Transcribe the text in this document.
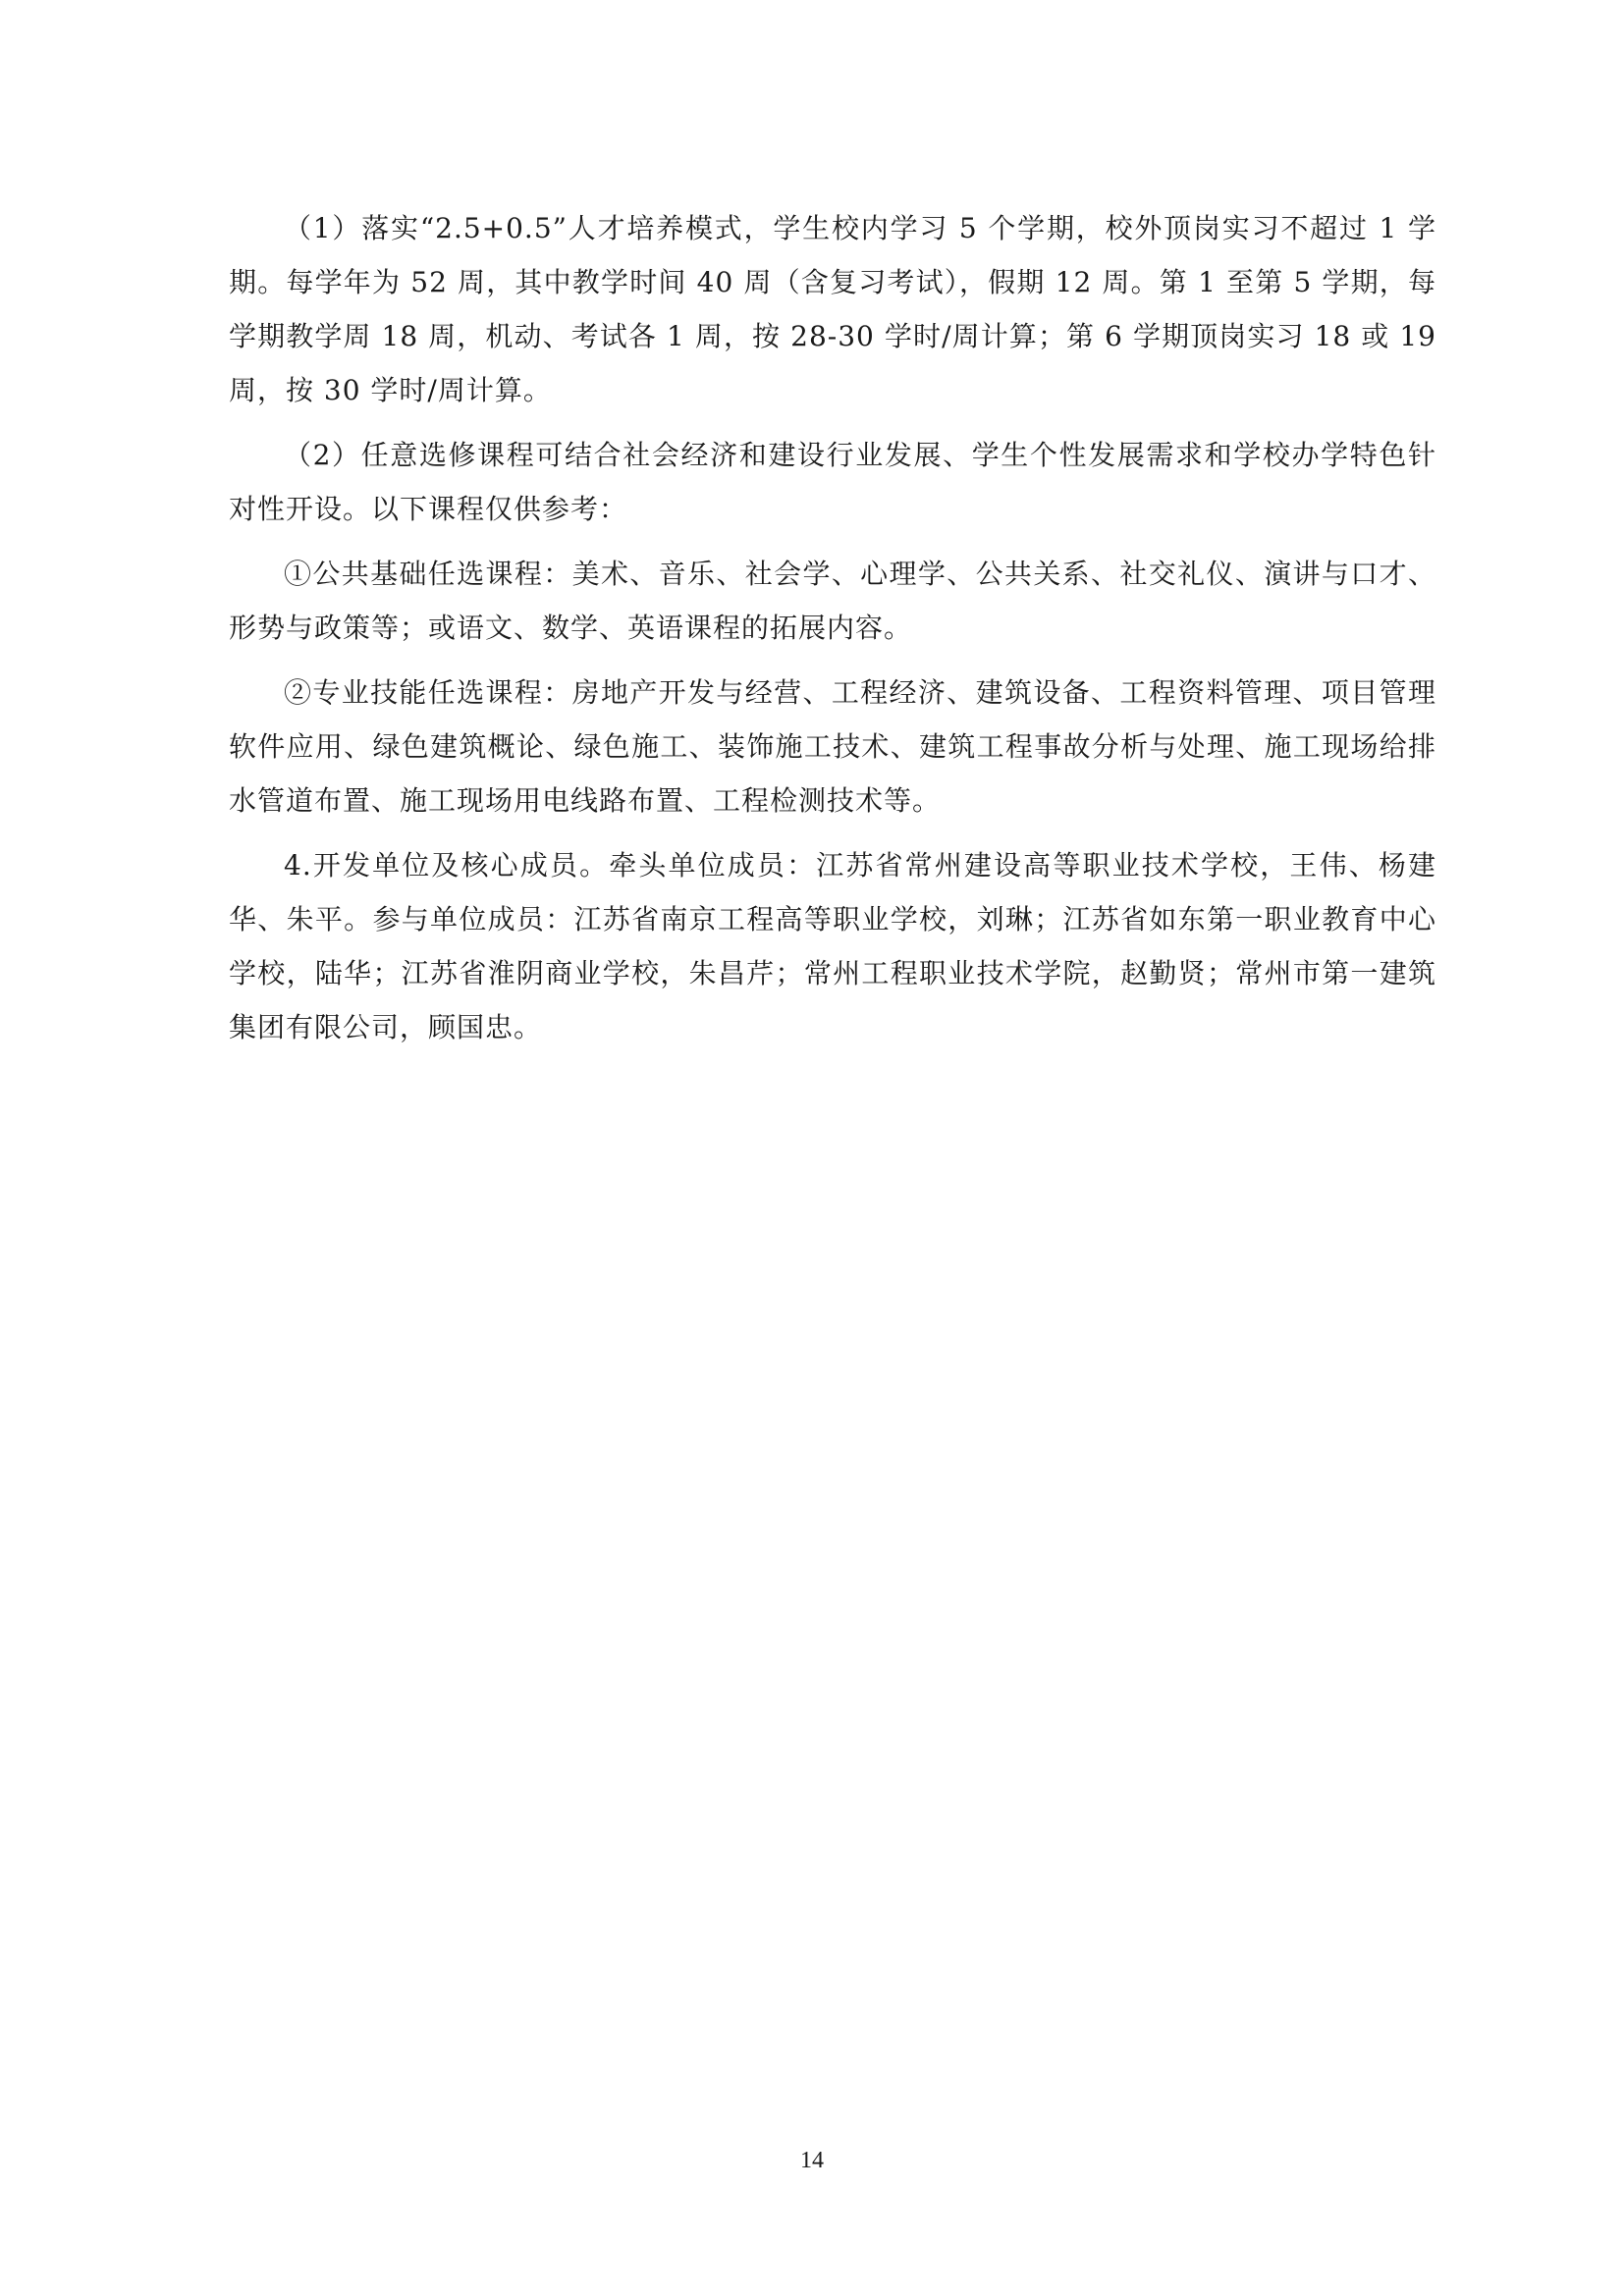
（1）落实“2.5+0.5”人才培养模式，学生校内学习 5 个学期，校外顶岗实习不超过 1 学期。每学年为 52 周，其中教学时间 40 周（含复习考试），假期 12 周。第 1 至第 5 学期，每学期教学周 18 周，机动、考试各 1 周，按 28-30 学时/周计算；第 6 学期顶岗实习 18 或 19 周，按 30 学时/周计算。

（2）任意选修课程可结合社会经济和建设行业发展、学生个性发展需求和学校办学特色针对性开设。以下课程仅供参考：

①公共基础任选课程：美术、音乐、社会学、心理学、公共关系、社交礼仪、演讲与口才、形势与政策等；或语文、数学、英语课程的拓展内容。

②专业技能任选课程：房地产开发与经营、工程经济、建筑设备、工程资料管理、项目管理软件应用、绿色建筑概论、绿色施工、装饰施工技术、建筑工程事故分析与处理、施工现场给排水管道布置、施工现场用电线路布置、工程检测技术等。

4.开发单位及核心成员。牵头单位成员：江苏省常州建设高等职业技术学校，王伟、杨建华、朱平。参与单位成员：江苏省南京工程高等职业学校，刘琳；江苏省如东第一职业教育中心学校，陆华；江苏省淮阴商业学校，朱昌芹；常州工程职业技术学院，赵勤贤；常州市第一建筑集团有限公司，顾国忠。

14
